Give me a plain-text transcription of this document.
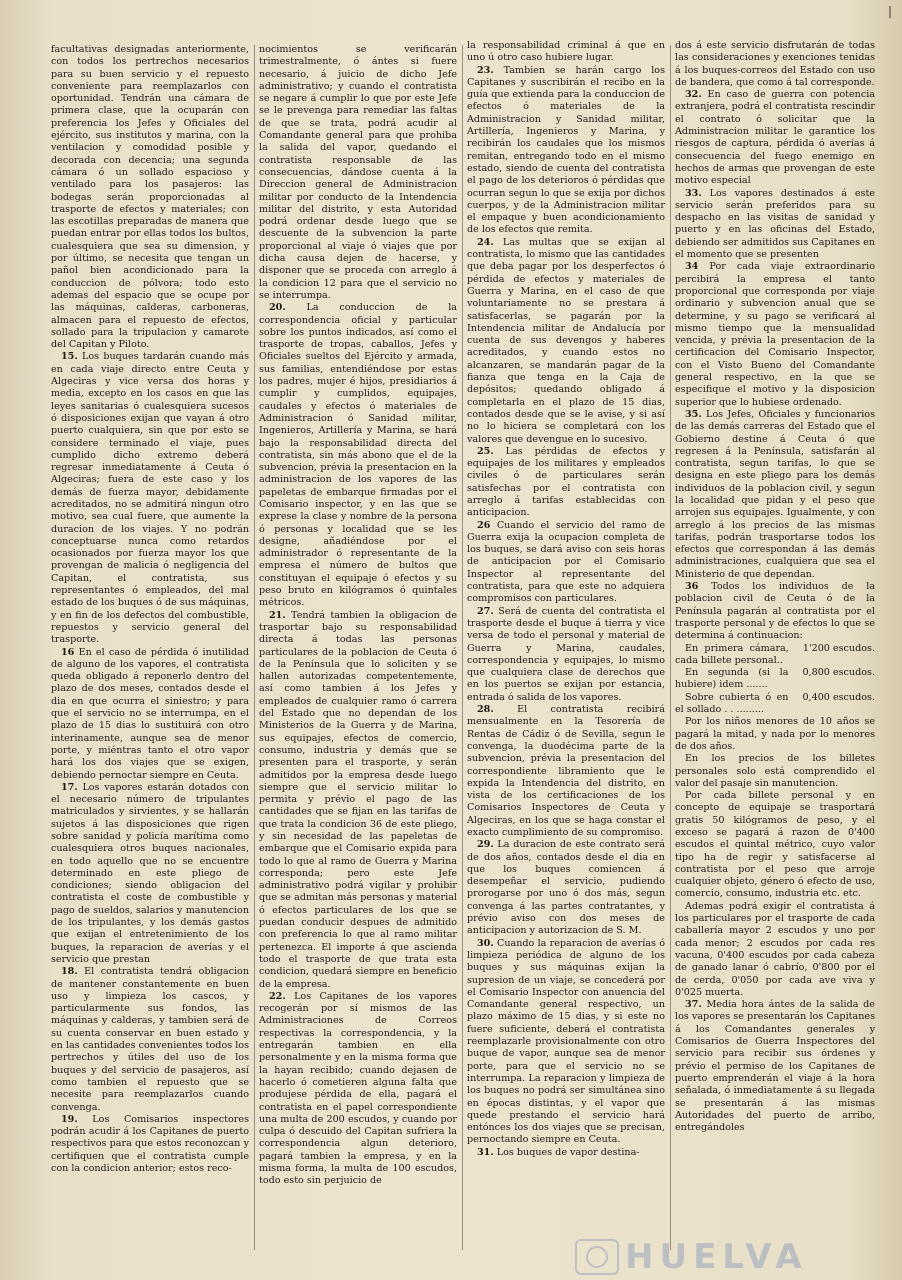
|

facultativas designadas anteriormente, con todos los pertrechos necesarios para su buen servicio y el repuesto conveniente para reemplazarlos con oportunidad. Tendrán una cámara de primera clase, que la ocuparán con preferencia los Jefes y Oficiales del ejército, sus institutos y marina, con la ventilacion y comodidad posible y decorada con decencia; una segunda cámara ó un sollado espacioso y ventilado para los pasajeros: las bodegas serán proporcionadas al trasporte de efectos y materiales; con las escotillas preparadas de manera que puedan entrar por ellas todos los bultos, cualesquiera que sea su dimension, y por último, se necesita que tengan un pañol bien acondicionado para la conduccion de pólvora; todo esto ademas del espacio que se ocupe por las máquinas, calderas, carboneras, almacen para el repuesto de efectos, sollado para la tripulacion y camarote del Capitan y Piloto.

15. Los buques tardarán cuando más en cada viaje directo entre Ceuta y Algeciras y vice versa dos horas y media, excepto en los casos en que las leyes sanitarias ó cualesquiera sucesos ó disposiciones exijan que vayan á otro puerto cualquiera, sin que por esto se considere terminado el viaje, pues cumplido dicho extremo deberá regresar inmediatamente á Ceuta ó Algeciras; fuera de este caso y los demás de fuerza mayor, debidamente acreditados, no se admitirá ningun otro motivo, sea cual fuere, que aumente la duracion de los viajes. Y no podrán conceptuarse nunca como retardos ocasionados por fuerza mayor los que provengan de malicia ó negligencia del Capitan, el contratista, sus representantes ó empleados, del mal estado de los buques ó de sus máquinas, y en fin de los defectos del combustible, repuestos y servicio general del trasporte.

16 En el caso de pérdida ó inutilidad de alguno de los vapores, el contratista queda obligado á reponerlo dentro del plazo de dos meses, contados desde el dia en que ocurra el siniestro; y para que el servicio no se interrumpa, en el plazo de 15 dias lo sustituirá con otro interinamente, aunque sea de menor porte, y miéntras tanto el otro vapor hará los dos viajes que se exigen, debiendo pernoctar siempre en Ceuta.

17. Los vapores estarán dotados con el necesario número de tripulantes matriculados y sirvientes, y se hallarán sujetos á las disposiciones que rigen sobre sanidad y policía marítima como cualesquiera otros buques nacionales, en todo aquello que no se encuentre determinado en este pliego de condiciones; siendo obligacion del contratista el coste de combustible y pago de sueldos, salarios y manutencion de los tripulantes, y los demás gastos que exijan el entretenimiento de los buques, la reparacion de averías y el servicio que prestan

18. El contratista tendrá obligacion de mantener constantemente en buen uso y limpieza los cascos, y particularmente sus fondos, las máquinas y calderas, y tambien será de su cuenta conservar en buen estado y en las cantidades convenientes todos los pertrechos y útiles del uso de los buques y del servicio de pasajeros, así como tambien el repuesto que se necesite para reemplazarlos cuando convenga.

19. Los Comisarios inspectores podrán acudir á los Capitanes de puerto respectivos para que estos reconozcan y certifiquen que el contratista cumple con la condicion anterior; estos reco-

nocimientos se verificarán trimestralmente, ó ántes si fuere necesario, á juicio de dicho Jefe administrativo; y cuando el contratista se negare á cumplir lo que por este Jefe se le prevenga para remediar las faltas de que se trata, podrá acudir al Comandante general para que prohiba la salida del vapor, quedando el contratista responsable de las consecuencias, dándose cuenta á la Direccion general de Administracion militar por conducto de la Intendencia militar del distrito, y esta Autoridad podrá ordenar desde luego que se descuente de la subvencion la parte proporcional al viaje ó viajes que por dicha causa dejen de hacerse, y disponer que se proceda con arreglo á la condicion 12 para que el servicio no se interrumpa.

20. La conduccion de la correspondencia oficial y particular sobre los puntos indicados, así como el trasporte de tropas, caballos, Jefes y Oficiales sueltos del Ejército y armada, sus familias, entendiéndose por estas los padres, mujer é hijos, presidiarios á cumplir y cumplidos, equipajes, caudales y efectos ó materiales de Administracion ó Sanidad militar, Ingenieros, Artillería y Marina, se hará bajo la responsabilidad directa del contratista, sin más abono que el de la subvencion, prévia la presentacion en la administracion de los vapores de las papeletas de embarque firmadas por el Comisario inspector, y en las que se exprese la clase y nombre de la persona ó personas y localidad que se les designe, añadiéndose por el administrador ó representante de la empresa el número de bultos que constituyan el equipaje ó efectos y su peso bruto en kilógramos ó quintales métricos.

21. Tendrá tambien la obligacion de trasportar bajo su responsabilidad directa á todas las personas particulares de la poblacion de Ceuta ó de la Península que lo soliciten y se hallen autorizadas competentemente, así como tambien á los Jefes y empleados de cualquier ramo ó carrera del Estado que no dependan de los Ministerios de la Guerra y de Marina, sus equipajes, efectos de comercio, consumo, industria y demás que se presenten para el trasporte, y serán admitidos por la empresa desde luego siempre que el servicio militar lo permita y prévio el pago de las cantidades que se fijan en las tarifas de que trata la condicion 36 de este pliego, y sin necesidad de las papeletas de embarque que el Comisario expida para todo lo que al ramo de Guerra y Marina corresponda; pero este Jefe administrativo podrá vigilar y prohibir que se admitan más personas y material ó efectos particulares de los que se puedan conducir despues de admitido con preferencia lo que al ramo militar pertenezca. El importe á que ascienda todo el trasporte de que trata esta condicion, quedará siempre en beneficio de la empresa.

22. Los Capitanes de los vapores recogerán por sí mismos de las Administraciones de Correos respectivas la correspondencia, y la entregarán tambien en ella personalmente y en la misma forma que la hayan recibido; cuando dejasen de hacerlo ó cometieren alguna falta que produjese pérdida de ella, pagará el contratista en el papel correspondiente una multa de 200 escudos, y cuando por culpa ó descuido del Capitan sufriera la correspondencia algun deterioro, pagará tambien la empresa, y en la misma forma, la multa de 100 escudos, todo esto sin perjuicio de

la responsabilidad criminal á que en uno ú otro caso hubiere lugar.

23. Tambien se harán cargo los Capitanes y suscribirán el recibo en la guía que extienda para la conduccion de efectos ó materiales de la Administracion y Sanidad militar, Artillería, Ingenieros y Marina, y recibirán los caudales que los mismos remitan, entregando todo en el mismo estado, siendo de cuenta del contratista el pago de los deterioros ó pérdidas que ocurran segun lo que se exija por dichos cuerpos, y de la Administracion militar el empaque y buen acondicionamiento de los efectos que remita.

24. Las multas que se exijan al contratista, lo mismo que las cantidades que deba pagar por los desperfectos ó pérdida de efectos y materiales de Guerra y Marina, en el caso de que voluntariamente no se prestara á satisfacerlas, se pagarán por la Intendencia militar de Andalucía por cuenta de sus devengos y haberes acreditados, y cuando estos no alcanzaren, se mandarán pagar de la fianza que tenga en la Caja de depósitos; quedando obligado á completarla en el plazo de 15 dias, contados desde que se le avise, y si así no lo hiciera se completará con los valores que devengue en lo sucesivo.

25. Las pérdidas de efectos y equipajes de los militares y empleados civiles ó de particulares serán satisfechas por el contratista con arreglo á tarifas establecidas con anticipacion.

26 Cuando el servicio del ramo de Guerra exija la ocupacion completa de los buques, se dará aviso con seis horas de anticipacion por el Comisario Inspector al representante del contratista, para que este no adquiera compromisos con particulares.

27. Será de cuenta del contratista el trasporte desde el buque á tierra y vice versa de todo el personal y material de Guerra y Marina, caudales, correspondencia y equipajes, lo mismo que cualquiera clase de derechos que en los puertos se exijan por estancia, entrada ó salida de los vapores.

28. El contratista recibirá mensualmente en la Tesorería de Rentas de Cádiz ó de Sevilla, segun le convenga, la duodécima parte de la subvencion, prévia la presentacion del correspondiente libramiento que le expida la Intendencia del distrito, en vista de los certificaciones de los Comisarios Inspectores de Ceuta y Algeciras, en los que se haga constar el exacto cumplimiento de su compromiso.

29. La duracion de este contrato será de dos años, contados desde el dia en que los buques comiencen á desempeñar el servicio, pudiendo prorogarse por uno ó dos más, segun convenga á las partes contratantes, y prévio aviso con dos meses de anticipacion y autorizacion de S. M.

30. Cuando la reparacion de averías ó limpieza periódica de alguno de los buques y sus máquinas exijan la supresion de un viaje, se concederá por el Comisario Inspector con anuencia del Comandante general respectivo, un plazo máximo de 15 dias, y si este no fuere suficiente, deberá el contratista reemplazarle provisionalmente con otro buque de vapor, aunque sea de menor porte, para que el servicio no se interrumpa. La reparacion y limpieza de los buques no podrá ser simultánea sino en épocas distintas, y el vapor que quede prestando el servicio hará entónces los dos viajes que se precisan, pernoctando siempre en Ceuta.

31. Los buques de vapor destina-

dos á este servicio disfrutarán de todas las consideraciones y exenciones tenidas á los buques-correos del Estado con uso de bandera, que como á tal corresponde.

32. En caso de guerra con potencia extranjera, podrá el contratista rescindir el contrato ó solicitar que la Administracion militar le garantice los riesgos de captura, pérdida ó averías á consecuencia del fuego enemigo en hechos de armas que provengan de este motivo especial

33. Los vapores destinados á este servicio serán preferidos para su despacho en las visitas de sanidad y puerto y en las oficinas del Estado, debiendo ser admitidos sus Capitanes en el momento que se presenten

34 Por cada viaje extraordinario percibirá la empresa el tanto proporcional que corresponda por viaje ordinario y subvencion anual que se determine, y su pago se verificará al mismo tiempo que la mensualidad vencida, y prévia la presentacion de la certificacion del Comisario Inspector, con el Visto Bueno del Comandante general respectivo, en la que se especifique el motivo y la disposicion superior que lo hubiese ordenado.

35. Los Jefes, Oficiales y funcionarios de las demás carreras del Estado que el Gobierno destine á Ceuta ó que regresen á la Península, satisfarán al contratista, segun tarifas, lo que se designa en este pliego para los demás individuos de la poblacion civil, y segun la localidad que pidan y el peso que arrojen sus equipajes. Igualmente, y con arreglo á los precios de las mismas tarifas, podrán trasportarse todos los efectos que correspondan á las demás administraciones, cualquiera que sea el Ministerio de que dependan.

36 Todos los individuos de la poblacion civil de Ceuta ó de la Península pagarán al contratista por el trasporte personal y de efectos lo que se determina á continuacion:

En primera cámara, cada billete personal..
1'200 escudos.

En segunda (si la hubiere) idem .......
0,800 escudos.

Sobre cubierta ó en el sollado . . .........
0,400 escudos.

Por los niños menores de 10 años se pagará la mitad, y nada por lo menores de dos años.

En los precios de los billetes personales solo está comprendido el valor del pasaje sin manutencion.

Por cada billete personal y en concepto de equipaje se trasportará gratis 50 kilógramos de peso, y el exceso se pagará á razon de 0'400 escudos el quintal métrico, cuyo valor tipo ha de regir y satisfacerse al contratista por el peso que arroje cualquier objeto, género ó efecto de uso, comercio, consumo, industria etc. etc.

Ademas podrá exigir el contratista á los particulares por el trasporte de cada caballería mayor 2 escudos y uno por cada menor; 2 escudos por cada res vacuna, 0'400 escudos por cada cabeza de ganado lanar ó cabrío, 0'800 por el de cerda, 0'050 por cada ave viva y 0'025 muerta.

37. Media hora ántes de la salida de los vapores se presentarán los Capitanes á los Comandantes generales y Comisarios de Guerra Inspectores del servicio para recibir sus órdenes y prévio el permiso de los Capitanes de puerto emprenderán el viaje á la hora señalada, ó inmediatamente á su llegada se presentarán á las mismas Autoridades del puerto de arribo, entregándoles

HUELVA
